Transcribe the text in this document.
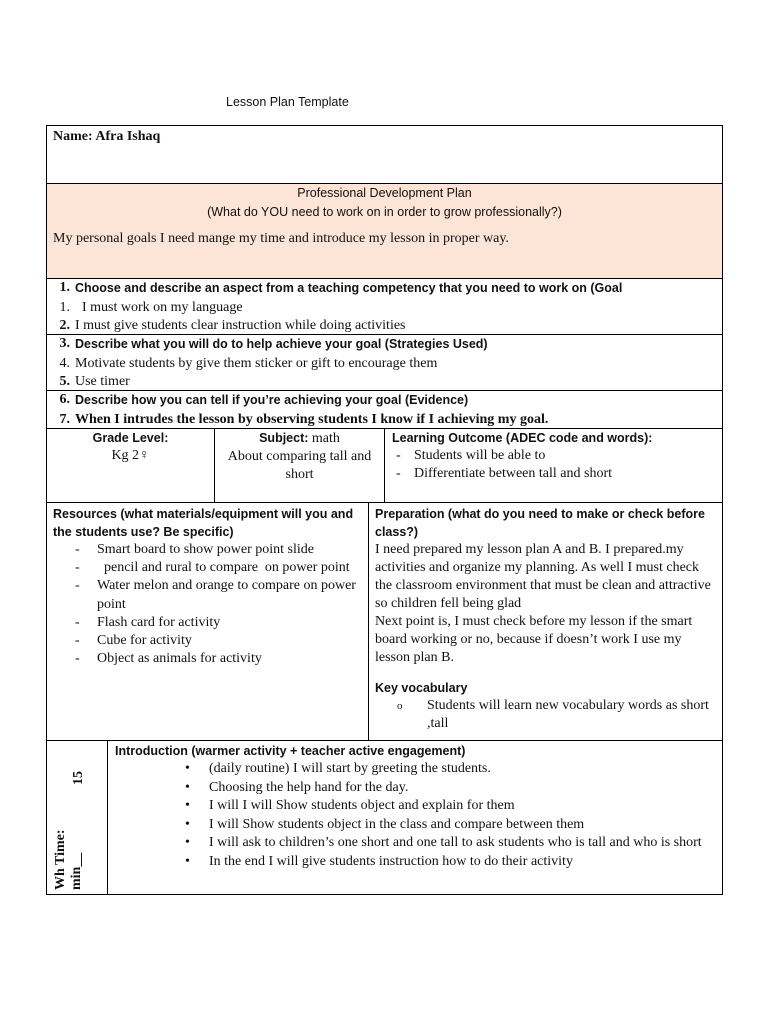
Lesson Plan Template
Name: Afra Ishaq
Professional Development Plan
(What do YOU need to work on in order to grow professionally?)
My personal goals I need mange my time and introduce my lesson in proper way.
1. Choose and describe an aspect from a teaching competency that you need to work on (Goal
1. I must work on my language
2. I must give students clear instruction while doing activities
3. Describe what you will do to help achieve your goal (Strategies Used)
4. Motivate students by give them sticker or gift to encourage them
5. Use timer
6. Describe how you can tell if you’re achieving your goal (Evidence)
7. When I intrudes the lesson by observing students I know if I achieving my goal.
Grade Level:
Kg 2♀
Subject: math
About comparing tall and short
Learning Outcome (ADEC code and words):
- Students will be able to
- Differentiate between tall and short
Resources (what materials/equipment will you and the students use? Be specific)
- Smart board to show power point slide
-   pencil and rural to compare  on power point
- Water melon and orange to compare on power point
- Flash card for activity
- Cube for activity
- Object as animals for activity
Preparation (what do you need to make or check before class?)
I need prepared my lesson plan A and B. I prepared.my activities and organize my planning. As well I must check the classroom environment that must be clean and attractive so children fell being glad
Next point is, I must check before my lesson if the smart board working or no, because if doesn’t work I use my lesson plan B.
Key vocabulary
o Students will learn new vocabulary words as short ,tall
15
Wh Time: min__
Introduction (warmer activity + teacher active engagement)
• (daily routine) I will start by greeting the students.
• Choosing the help hand for the day.
• I will I will Show students object and explain for them
• I will Show students object in the class and compare between them
• I will ask to children’s one short and one tall to ask students who is tall and who is short
• In the end I will give students instruction how to do their activity
